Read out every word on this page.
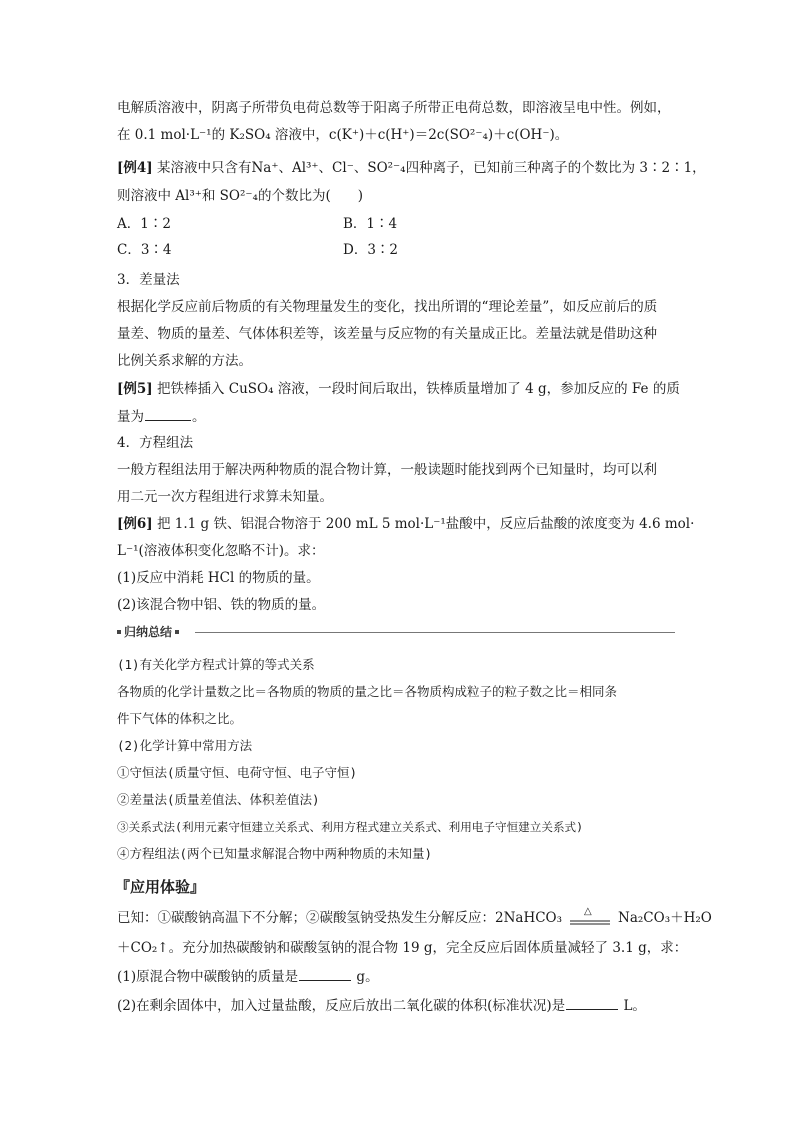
电解质溶液中，阴离子所带负电荷总数等于阳离子所带正电荷总数，即溶液呈电中性。例如，
在 0.1 mol·L⁻¹的 K₂SO₄ 溶液中，c(K⁺)＋c(H⁺)＝2c(SO²⁻₄)＋c(OH⁻)。
[例4] 某溶液中只含有Na⁺、Al³⁺、Cl⁻、SO²⁻₄四种离子，已知前三种离子的个数比为 3∶2∶1，
则溶液中 Al³⁺和 SO²⁻₄的个数比为(　　)
A．1∶2	B．1∶4
C．3∶4	D．3∶2
3．差量法
根据化学反应前后物质的有关物理量发生的变化，找出所谓的“理论差量”，如反应前后的质
量差、物质的量差、气体体积差等，该差量与反应物的有关量成正比。差量法就是借助这种
比例关系求解的方法。
[例5] 把铁棒插入 CuSO₄ 溶液，一段时间后取出，铁棒质量增加了 4 g，参加反应的 Fe 的质
量为	。
4．方程组法
一般方程组法用于解决两种物质的混合物计算，一般读题时能找到两个已知量时，均可以利
用二元一次方程组进行求算未知量。
[例6] 把 1.1 g 铁、铝混合物溶于 200 mL 5 mol·L⁻¹盐酸中，反应后盐酸的浓度变为 4.6 mol·
L⁻¹(溶液体积变化忽略不计)。求：
(1)反应中消耗 HCl 的物质的量。
(2)该混合物中铝、铁的物质的量。
归纳总结
(1)有关化学方程式计算的等式关系
各物质的化学计量数之比＝各物质的物质的量之比＝各物质构成粒子的粒子数之比＝相同条
件下气体的体积之比。
(2)化学计算中常用方法
①守恒法(质量守恒、电荷守恒、电子守恒)
②差量法(质量差值法、体积差值法)
③关系式法(利用元素守恒建立关系式、利用方程式建立关系式、利用电子守恒建立关系式)
④方程组法(两个已知量求解混合物中两种物质的未知量)
『应用体验』
已知：①碳酸钠高温下不分解；②碳酸氢钠受热发生分解反应：2NaHCO₃ △ Na₂CO₃＋H₂O
＋CO₂↑。充分加热碳酸钠和碳酸氢钠的混合物 19 g，完全反应后固体质量减轻了 3.1 g，求：
(1)原混合物中碳酸钠的质量是	g。
(2)在剩余固体中，加入过量盐酸，反应后放出二氧化碳的体积(标准状况)是	L。
